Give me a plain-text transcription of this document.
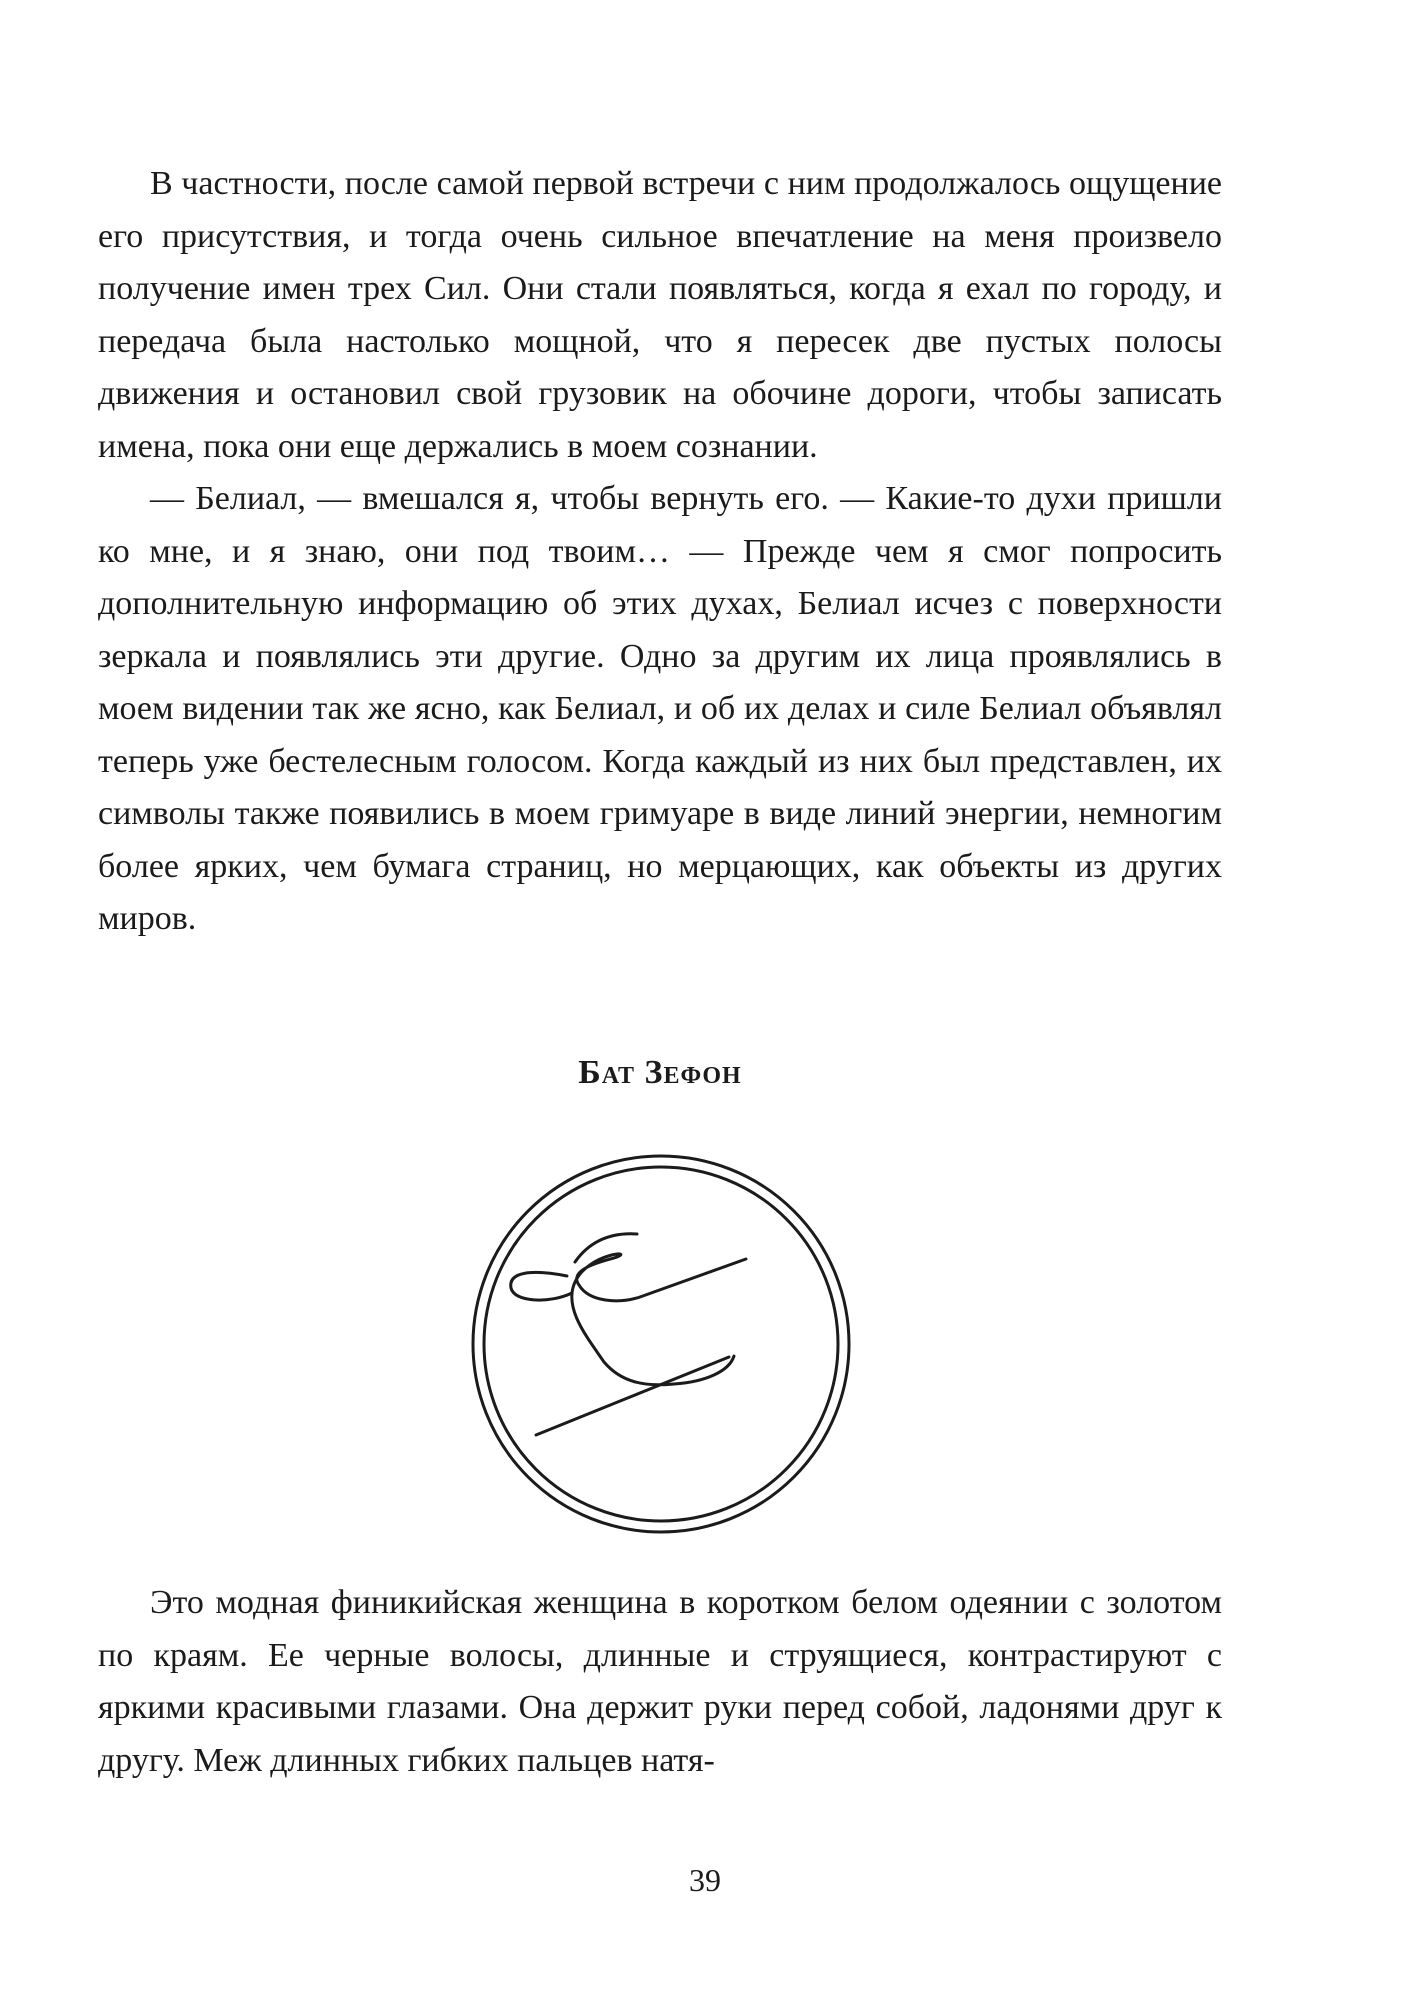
В частности, после самой первой встречи с ним продолжалось ощущение его присутствия, и тогда очень сильное впечатление на меня произвело получение имен трех Сил. Они стали появляться, когда я ехал по городу, и передача была настолько мощной, что я пересек две пустых полосы движения и остановил свой грузовик на обочине дороги, чтобы записать имена, пока они еще держались в моем сознании.

— Белиал, — вмешался я, чтобы вернуть его. — Какие-то духи пришли ко мне, и я знаю, они под твоим… — Прежде чем я смог попросить дополнительную информацию об этих духах, Белиал исчез с поверхности зеркала и появлялись эти другие. Одно за другим их лица проявлялись в моем видении так же ясно, как Белиал, и об их делах и силе Белиал объявлял теперь уже бестелесным голосом. Когда каждый из них был представлен, их символы также появились в моем гримуаре в виде линий энергии, немногим более ярких, чем бумага страниц, но мерцающих, как объекты из других миров.

Бат Зефон

Это модная финикийская женщина в коротком белом одеянии с золотом по краям. Ее черные волосы, длинные и струящиеся, контрастируют с яркими красивыми глазами. Она держит руки перед собой, ладонями друг к другу. Меж длинных гибких пальцев натя-

39
